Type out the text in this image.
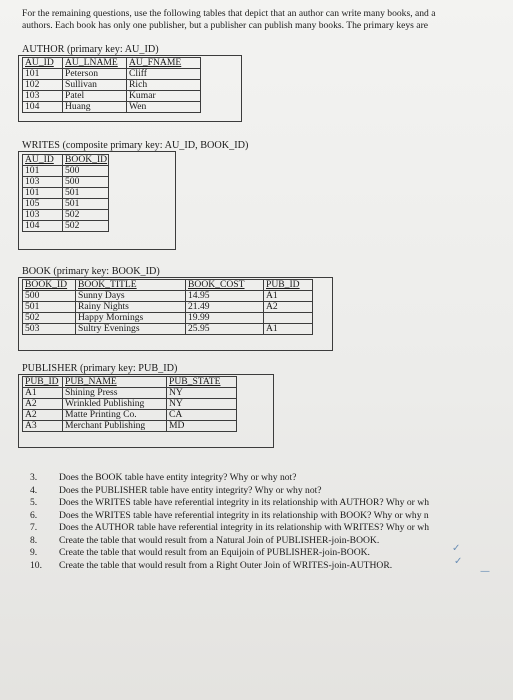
For the remaining questions, use the following tables that depict that an author can write many books, and a
authors. Each book has only one publisher, but a publisher can publish many books. The primary keys are
AUTHOR (primary key: AU_ID)
AU_ID	AU_LNAME	AU_FNAME
101	Peterson	Cliff
102	Sullivan	Rich
103	Patel	Kumar
104	Huang	Wen
WRITES (composite primary key: AU_ID, BOOK_ID)
AU_ID	BOOK_ID
101	500
103	500
101	501
105	501
103	502
104	502
BOOK (primary key: BOOK_ID)
BOOK_ID	BOOK_TITLE	BOOK_COST	PUB_ID
500	Sunny Days	14.95	A1
501	Rainy Nights	21.49	A2
502	Happy Mornings	19.99	
503	Sultry Evenings	25.95	A1
PUBLISHER (primary key: PUB_ID)
PUB_ID	PUB_NAME	PUB_STATE
A1	Shining Press	NY
A2	Wrinkled Publishing	NY
A2	Matte Printing Co.	CA
A3	Merchant Publishing	MD
3.	Does the BOOK table have entity integrity? Why or why not?
4.	Does the PUBLISHER table have entity integrity? Why or why not?
5.	Does the WRITES table have referential integrity in its relationship with AUTHOR? Why or wh
6.	Does the WRITES table have referential integrity in its relationship with BOOK? Why or why n
7.	Does the AUTHOR table have referential integrity in its relationship with WRITES? Why or wh
8.	Create the table that would result from a Natural Join of PUBLISHER-join-BOOK.
9.	Create the table that would result from an Equijoin of PUBLISHER-join-BOOK.
10.	Create the table that would result from a Right Outer Join of WRITES-join-AUTHOR.
✓
✓
—
